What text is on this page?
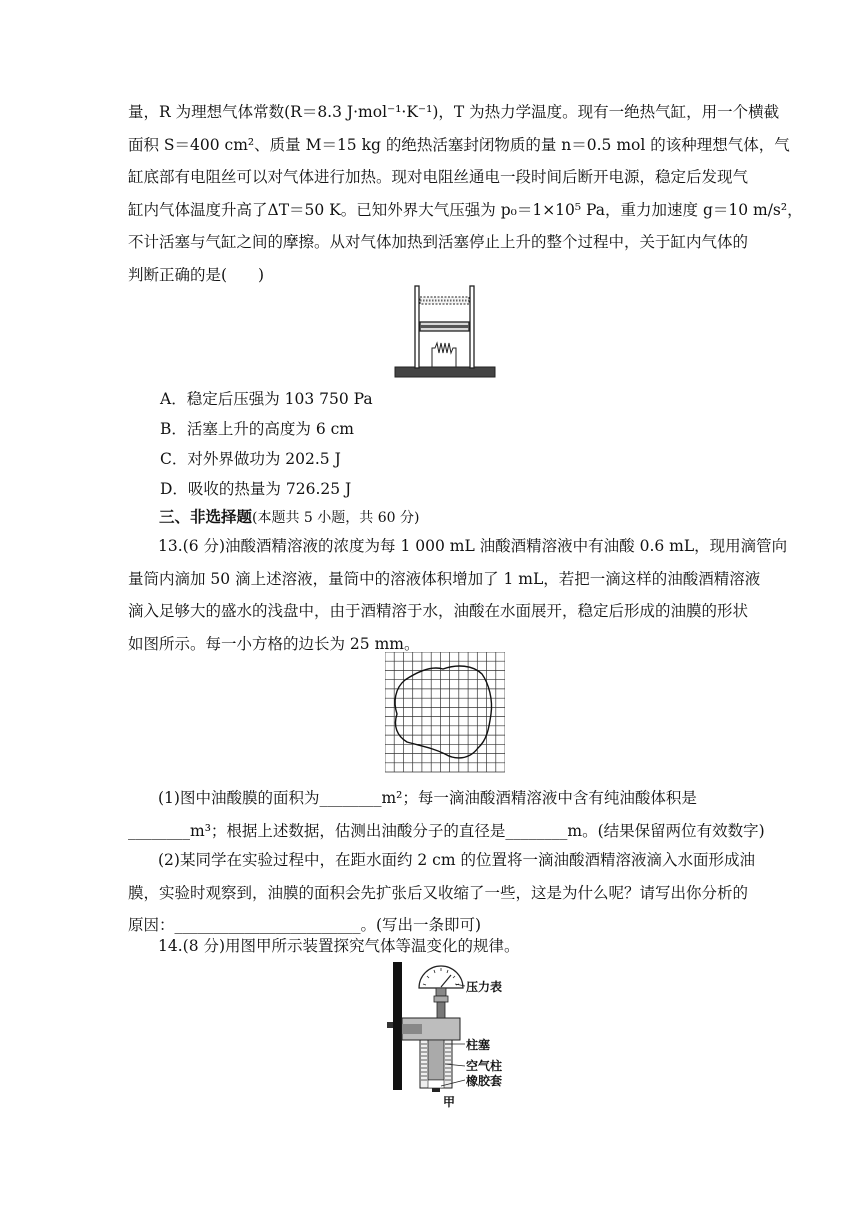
量，R 为理想气体常数(R＝8.3 J·mol⁻¹·K⁻¹)，T 为热力学温度。现有一绝热气缸，用一个横截
面积 S＝400 cm²、质量 M＝15 kg 的绝热活塞封闭物质的量 n＝0.5 mol 的该种理想气体，气
缸底部有电阻丝可以对气体进行加热。现对电阻丝通电一段时间后断开电源，稳定后发现气
缸内气体温度升高了ΔT＝50 K。已知外界大气压强为 p₀＝1×10⁵ Pa，重力加速度 g＝10 m/s²，
不计活塞与气缸之间的摩擦。从对气体加热到活塞停止上升的整个过程中，关于缸内气体的
判断正确的是(　　)
A．稳定后压强为 103 750 Pa
B．活塞上升的高度为 6 cm
C．对外界做功为 202.5 J
D．吸收的热量为 726.25 J
三、非选择题(本题共 5 小题，共 60 分)
13.(6 分)油酸酒精溶液的浓度为每 1 000 mL 油酸酒精溶液中有油酸 0.6 mL，现用滴管向
量筒内滴加 50 滴上述溶液，量筒中的溶液体积增加了 1 mL，若把一滴这样的油酸酒精溶液
滴入足够大的盛水的浅盘中，由于酒精溶于水，油酸在水面展开，稳定后形成的油膜的形状
如图所示。每一小方格的边长为 25 mm。
(1)图中油酸膜的面积为________m²；每一滴油酸酒精溶液中含有纯油酸体积是
________m³；根据上述数据，估测出油酸分子的直径是________m。(结果保留两位有效数字)
(2)某同学在实验过程中，在距水面约 2 cm 的位置将一滴油酸酒精溶液滴入水面形成油
膜，实验时观察到，油膜的面积会先扩张后又收缩了一些，这是为什么呢？请写出你分析的
原因：________________________。(写出一条即可)
14.(8 分)用图甲所示装置探究气体等温变化的规律。
压力表
柱塞
空气柱
橡胶套
甲
